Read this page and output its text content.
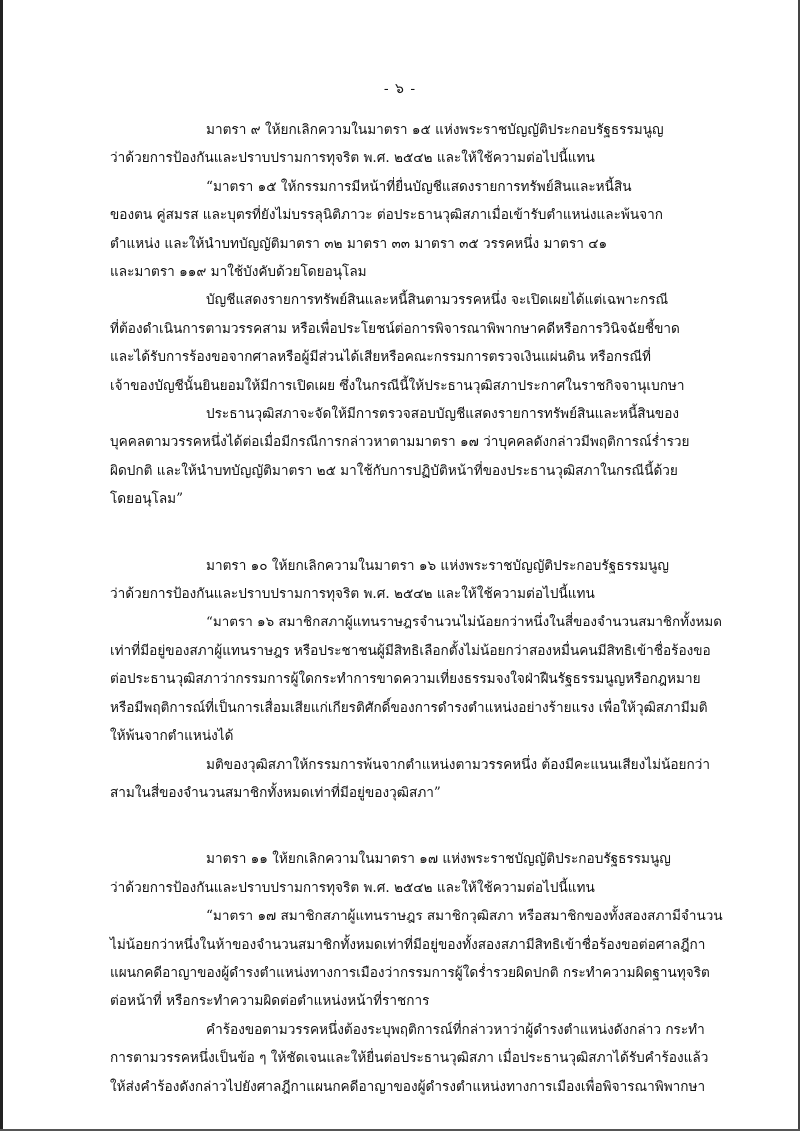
- ๖ -

มาตรา ๙ ให้ยกเลิกความในมาตรา ๑๕ แห่งพระราชบัญญัติประกอบรัฐธรรมนูญ

ว่าด้วยการป้องกันและปราบปรามการทุจริต พ.ศ. ๒๕๔๒ และให้ใช้ความต่อไปนี้แทน

“มาตรา ๑๕ ให้กรรมการมีหน้าที่ยื่นบัญชีแสดงรายการทรัพย์สินและหนี้สิน

ของตน คู่สมรส และบุตรที่ยังไม่บรรลุนิติภาวะ ต่อประธานวุฒิสภาเมื่อเข้ารับตำแหน่งและพ้นจาก

ตำแหน่ง และให้นำบทบัญญัติมาตรา ๓๒ มาตรา ๓๓ มาตรา ๓๕ วรรคหนึ่ง มาตรา ๔๑

และมาตรา ๑๑๙ มาใช้บังคับด้วยโดยอนุโลม

บัญชีแสดงรายการทรัพย์สินและหนี้สินตามวรรคหนึ่ง จะเปิดเผยได้แต่เฉพาะกรณี

ที่ต้องดำเนินการตามวรรคสาม หรือเพื่อประโยชน์ต่อการพิจารณาพิพากษาคดีหรือการวินิจฉัยชี้ขาด

และได้รับการร้องขอจากศาลหรือผู้มีส่วนได้เสียหรือคณะกรรมการตรวจเงินแผ่นดิน หรือกรณีที่

เจ้าของบัญชีนั้นยินยอมให้มีการเปิดเผย ซึ่งในกรณีนี้ให้ประธานวุฒิสภาประกาศในราชกิจจานุเบกษา

ประธานวุฒิสภาจะจัดให้มีการตรวจสอบบัญชีแสดงรายการทรัพย์สินและหนี้สินของ

บุคคลตามวรรคหนึ่งได้ต่อเมื่อมีกรณีการกล่าวหาตามมาตรา ๑๗ ว่าบุคคลดังกล่าวมีพฤติการณ์ร่ำรวย

ผิดปกติ และให้นำบทบัญญัติมาตรา ๒๕ มาใช้กับการปฏิบัติหน้าที่ของประธานวุฒิสภาในกรณีนี้ด้วย

โดยอนุโลม”

มาตรา ๑๐ ให้ยกเลิกความในมาตรา ๑๖ แห่งพระราชบัญญัติประกอบรัฐธรรมนูญ

ว่าด้วยการป้องกันและปราบปรามการทุจริต พ.ศ. ๒๕๔๒ และให้ใช้ความต่อไปนี้แทน

“มาตรา ๑๖ สมาชิกสภาผู้แทนราษฎรจำนวนไม่น้อยกว่าหนึ่งในสี่ของจำนวนสมาชิกทั้งหมด

เท่าที่มีอยู่ของสภาผู้แทนราษฎร หรือประชาชนผู้มีสิทธิเลือกตั้งไม่น้อยกว่าสองหมื่นคนมีสิทธิเข้าชื่อร้องขอ

ต่อประธานวุฒิสภาว่ากรรมการผู้ใดกระทำการขาดความเที่ยงธรรมจงใจฝ่าฝืนรัฐธรรมนูญหรือกฎหมาย

หรือมีพฤติการณ์ที่เป็นการเสื่อมเสียแก่เกียรติศักดิ์ของการดำรงตำแหน่งอย่างร้ายแรง เพื่อให้วุฒิสภามีมติ

ให้พ้นจากตำแหน่งได้

มติของวุฒิสภาให้กรรมการพ้นจากตำแหน่งตามวรรคหนึ่ง ต้องมีคะแนนเสียงไม่น้อยกว่า

สามในสี่ของจำนวนสมาชิกทั้งหมดเท่าที่มีอยู่ของวุฒิสภา”

มาตรา ๑๑ ให้ยกเลิกความในมาตรา ๑๗ แห่งพระราชบัญญัติประกอบรัฐธรรมนูญ

ว่าด้วยการป้องกันและปราบปรามการทุจริต พ.ศ. ๒๕๔๒ และให้ใช้ความต่อไปนี้แทน

“มาตรา ๑๗ สมาชิกสภาผู้แทนราษฎร สมาชิกวุฒิสภา หรือสมาชิกของทั้งสองสภามีจำนวน

ไม่น้อยกว่าหนึ่งในห้าของจำนวนสมาชิกทั้งหมดเท่าที่มีอยู่ของทั้งสองสภามีสิทธิเข้าชื่อร้องขอต่อศาลฎีกา

แผนกคดีอาญาของผู้ดำรงตำแหน่งทางการเมืองว่ากรรมการผู้ใดร่ำรวยผิดปกติ กระทำความผิดฐานทุจริต

ต่อหน้าที่ หรือกระทำความผิดต่อตำแหน่งหน้าที่ราชการ

คำร้องขอตามวรรคหนึ่งต้องระบุพฤติการณ์ที่กล่าวหาว่าผู้ดำรงตำแหน่งดังกล่าว กระทำ

การตามวรรคหนึ่งเป็นข้อ ๆ ให้ชัดเจนและให้ยื่นต่อประธานวุฒิสภา เมื่อประธานวุฒิสภาได้รับคำร้องแล้ว

ให้ส่งคำร้องดังกล่าวไปยังศาลฎีกาแผนกคดีอาญาของผู้ดำรงตำแหน่งทางการเมืองเพื่อพิจารณาพิพากษา
